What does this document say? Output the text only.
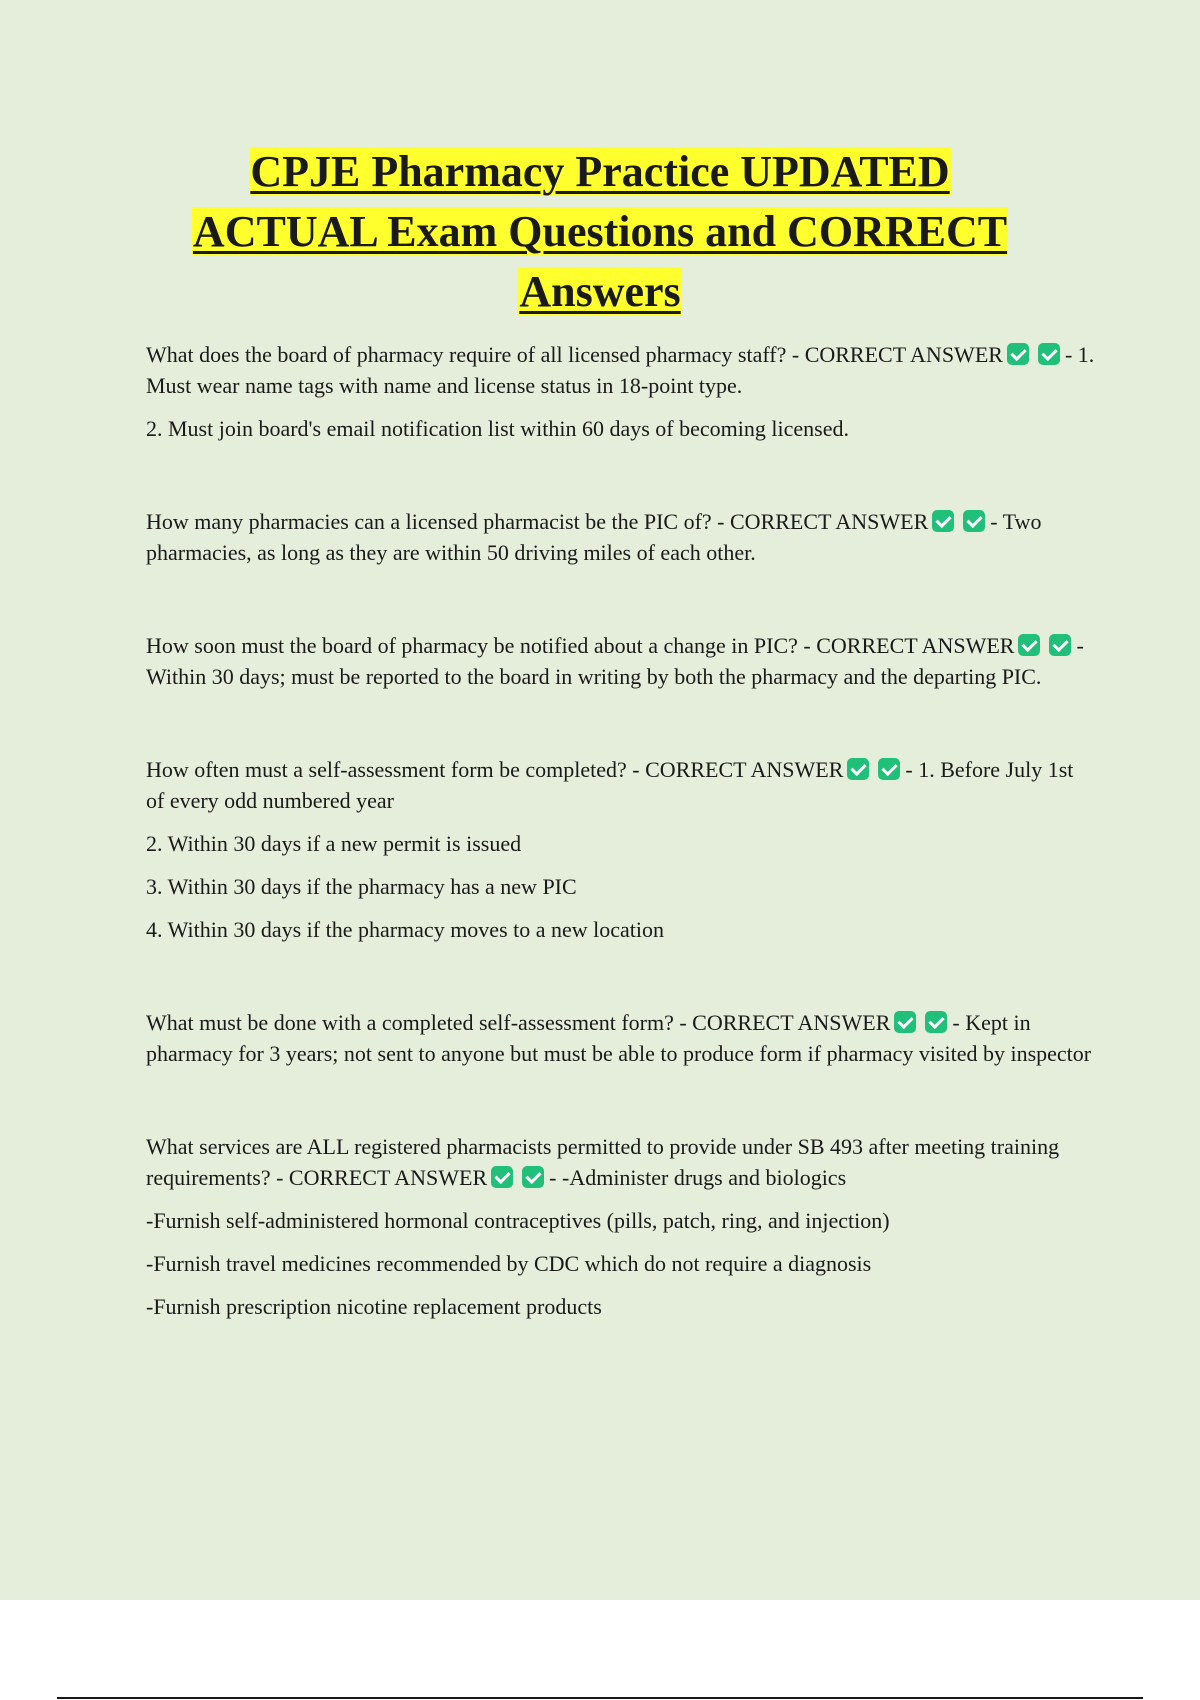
CPJE Pharmacy Practice UPDATED
ACTUAL Exam Questions and CORRECT
Answers

What does the board of pharmacy require of all licensed pharmacy staff? - CORRECT ANSWER	- 1. Must wear name tags with name and license status in 18-point type.

2. Must join board's email notification list within 60 days of becoming licensed.

How many pharmacies can a licensed pharmacist be the PIC of? - CORRECT ANSWER	- Two pharmacies, as long as they are within 50 driving miles of each other.

How soon must the board of pharmacy be notified about a change in PIC? - CORRECT ANSWER	- Within 30 days; must be reported to the board in writing by both the pharmacy and the departing PIC.

How often must a self-assessment form be completed? - CORRECT ANSWER	- 1. Before July 1st of every odd numbered year

2. Within 30 days if a new permit is issued

3. Within 30 days if the pharmacy has a new PIC

4. Within 30 days if the pharmacy moves to a new location

What must be done with a completed self-assessment form? - CORRECT ANSWER	- Kept in pharmacy for 3 years; not sent to anyone but must be able to produce form if pharmacy visited by inspector

What services are ALL registered pharmacists permitted to provide under SB 493 after meeting training requirements? - CORRECT ANSWER	- -Administer drugs and biologics

-Furnish self-administered hormonal contraceptives (pills, patch, ring, and injection)

-Furnish travel medicines recommended by CDC which do not require a diagnosis

-Furnish prescription nicotine replacement products
